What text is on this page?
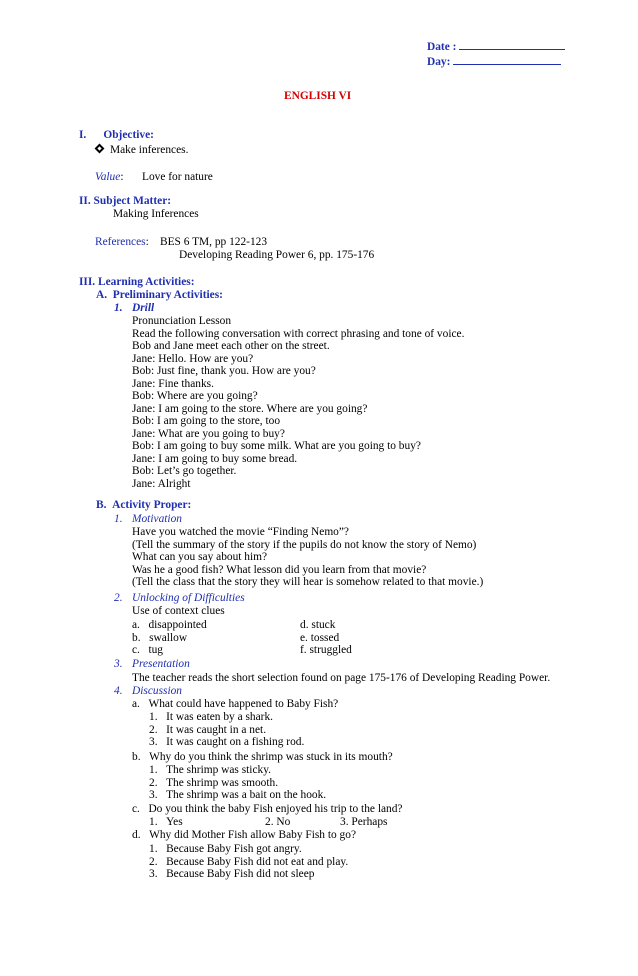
Date :
Day:
ENGLISH VI
I.      Objective:
Make inferences.
Value: Love for nature
II. Subject Matter:
Making Inferences
References: BES 6 TM, pp 122-123
Developing Reading Power 6, pp. 175-176
III. Learning Activities:
A.  Preliminary Activities:
1. Drill
Pronunciation Lesson
Read the following conversation with correct phrasing and tone of voice.
Bob and Jane meet each other on the street.
Jane: Hello. How are you?
Bob: Just fine, thank you. How are you?
Jane: Fine thanks.
Bob: Where are you going?
Jane: I am going to the store. Where are you going?
Bob: I am going to the store, too
Jane: What are you going to buy?
Bob: I am going to buy some milk. What are you going to buy?
Jane: I am going to buy some bread.
Bob: Let’s go together.
Jane: Alright
B.  Activity Proper:
1. Motivation
Have you watched the movie “Finding Nemo”?
(Tell the summary of the story if the pupils do not know the story of Nemo)
What can you say about him?
Was he a good fish? What lesson did you learn from that movie?
(Tell the class that the story they will hear is somehow related to that movie.)
2. Unlocking of Difficulties
Use of context clues
a.   disappointed
b.   swallow
c.   tug
d. stuck
e. tossed
f. struggled
3. Presentation
The teacher reads the short selection found on page 175-176 of Developing Reading Power.
4. Discussion
a.   What could have happened to Baby Fish?
1.   It was eaten by a shark.
2.   It was caught in a net.
3.   It was caught on a fishing rod.
b.   Why do you think the shrimp was stuck in its mouth?
1.   The shrimp was sticky.
2.   The shrimp was smooth.
3.   The shrimp was a bait on the hook.
c.   Do you think the baby Fish enjoyed his trip to the land?
1.   Yes	2. No	3. Perhaps
d.   Why did Mother Fish allow Baby Fish to go?
1.   Because Baby Fish got angry.
2.   Because Baby Fish did not eat and play.
3.   Because Baby Fish did not sleep
